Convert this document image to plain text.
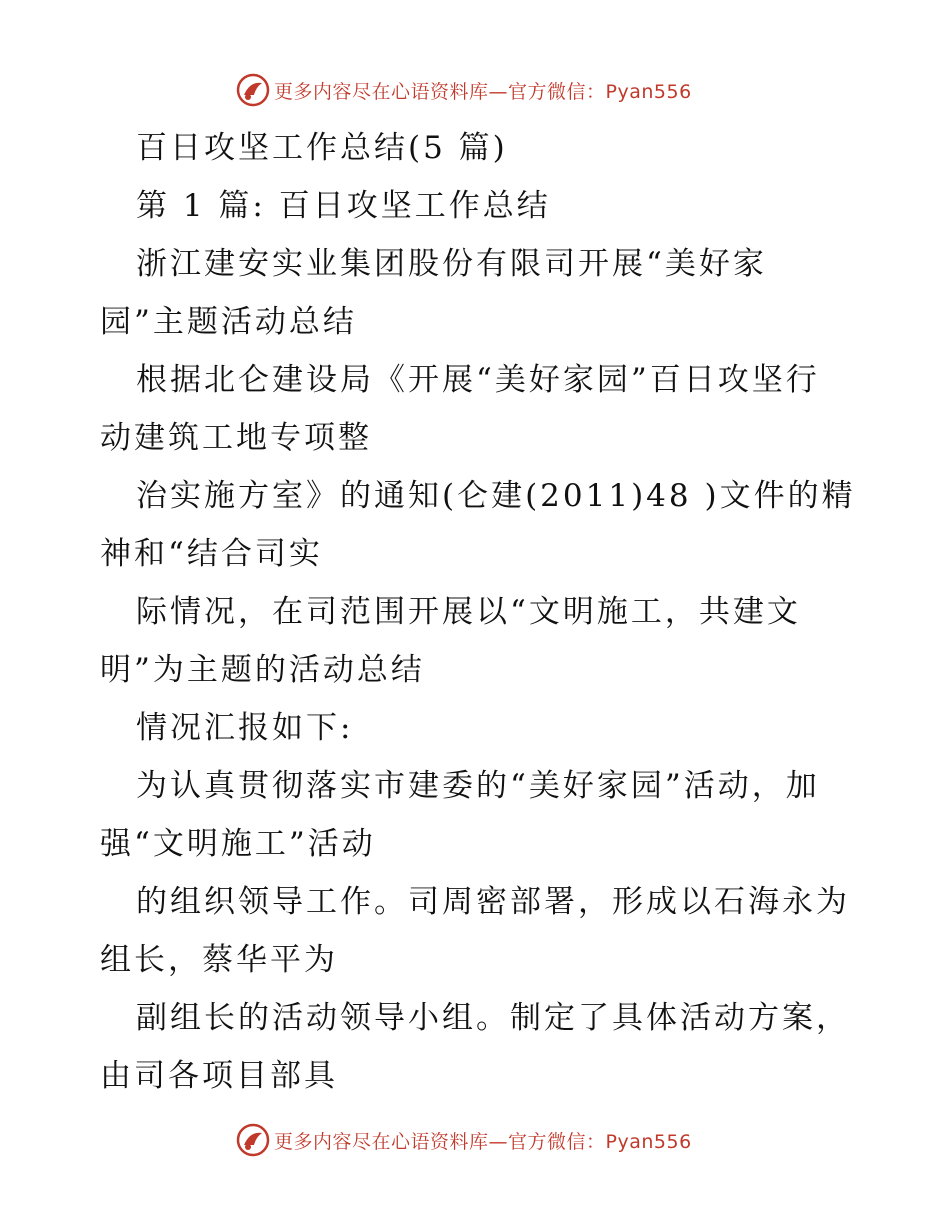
更多内容尽在心语资料库—官方微信：Pyan556
百日攻坚工作总结(5 篇)
第 1 篇: 百日攻坚工作总结
浙江建安实业集团股份有限司开展“美好家
园”主题活动总结
根据北仑建设局《开展“美好家园”百日攻坚行
动建筑工地专项整
治实施方室》的通知(仑建(2011)48 )文件的精
神和“结合司实
际情况，在司范围开展以“文明施工，共建文
明”为主题的活动总结
情况汇报如下:
为认真贯彻落实市建委的“美好家园”活动，加
强“文明施工”活动
的组织领导工作。司周密部署，形成以石海永为
组长，蔡华平为
副组长的活动领导小组。制定了具体活动方案，
由司各项目部具
更多内容尽在心语资料库—官方微信：Pyan556
